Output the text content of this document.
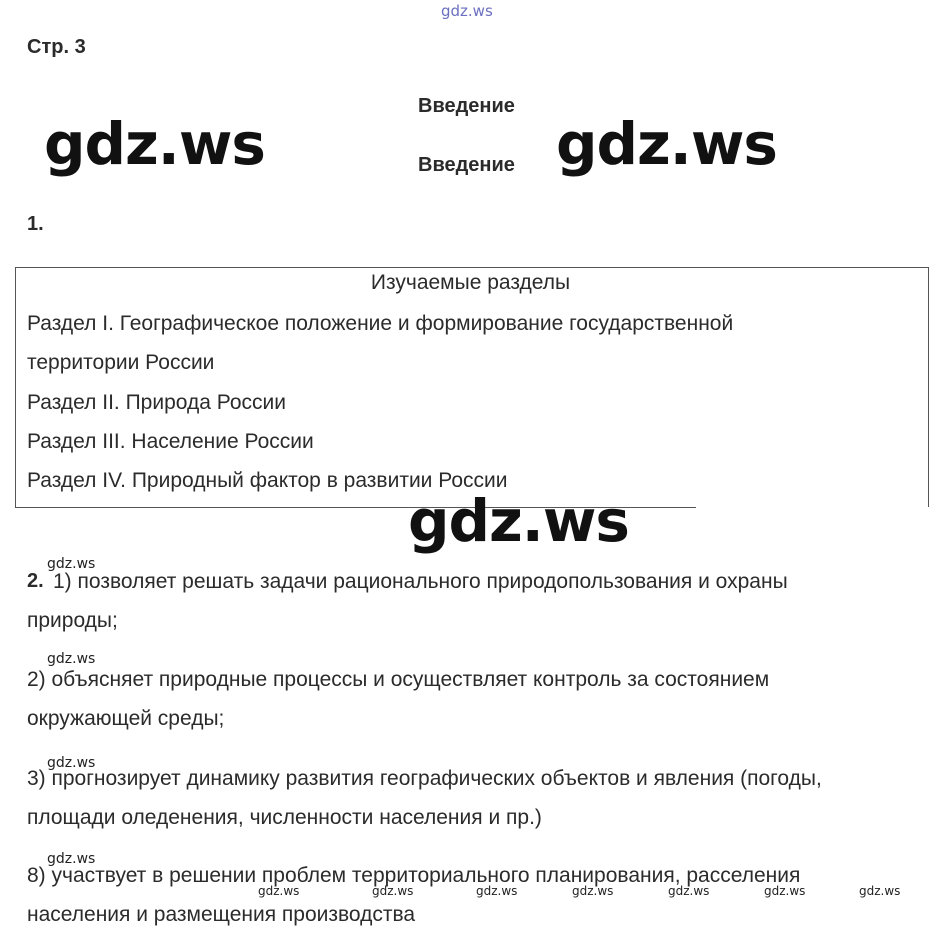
gdz.ws
Стр. 3
Введение
Введение
gdz.ws	gdz.ws
1.
Изучаемые разделы
Раздел I. Географическое положение и формирование государственной
территории России
Раздел II. Природа России
Раздел III. Население России
Раздел IV. Природный фактор в развитии России
gdz.ws
gdz.ws
2. 1) позволяет решать задачи рационального природопользования и охраны
природы;
gdz.ws
2) объясняет природные процессы и осуществляет контроль за состоянием
окружающей среды;
gdz.ws
3) прогнозирует динамику развития географических объектов и явления (погоды,
площади оледенения, численности населения и пр.)
gdz.ws
8) участвует в решении проблем территориального планирования, расселения
населения и размещения производства
gdz.ws	gdz.ws	gdz.ws	gdz.ws	gdz.ws	gdz.ws	gdz.ws
